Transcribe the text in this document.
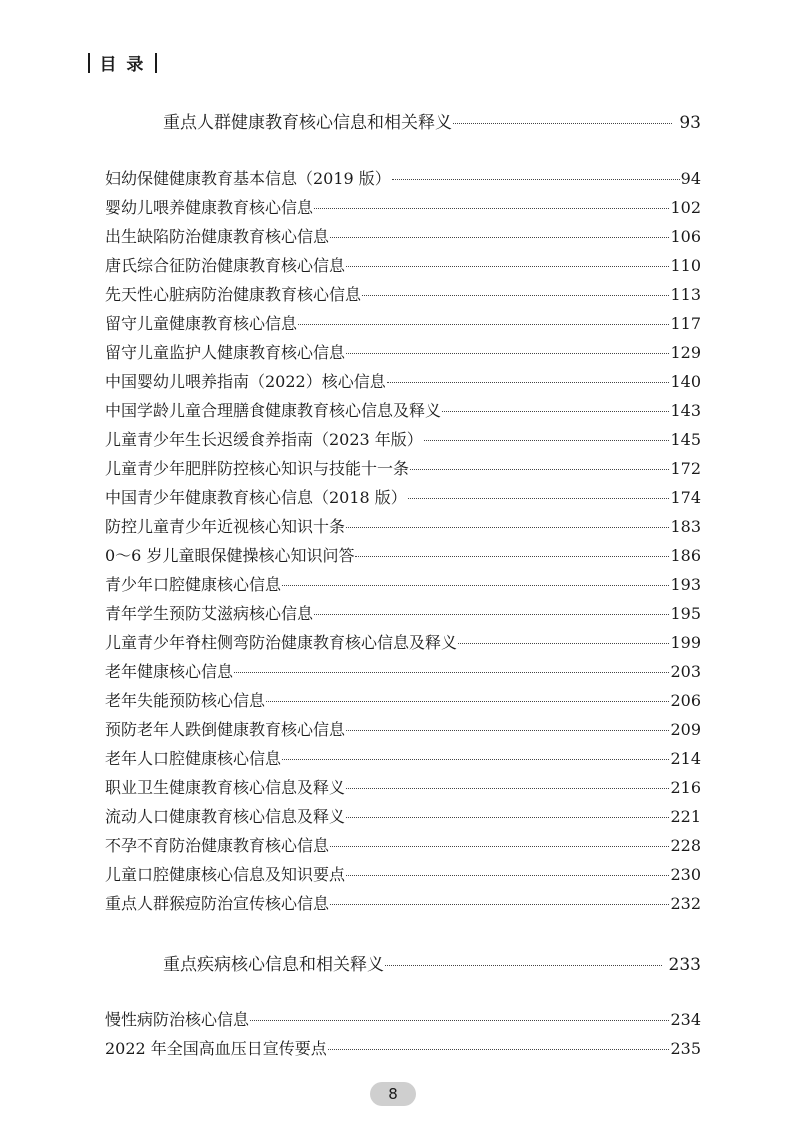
目 录
重点人群健康教育核心信息和相关释义	93
妇幼保健健康教育基本信息（2019 版）	94
婴幼儿喂养健康教育核心信息	102
出生缺陷防治健康教育核心信息	106
唐氏综合征防治健康教育核心信息	110
先天性心脏病防治健康教育核心信息	113
留守儿童健康教育核心信息	117
留守儿童监护人健康教育核心信息	129
中国婴幼儿喂养指南（2022）核心信息	140
中国学龄儿童合理膳食健康教育核心信息及释义	143
儿童青少年生长迟缓食养指南（2023 年版）	145
儿童青少年肥胖防控核心知识与技能十一条	172
中国青少年健康教育核心信息（2018 版）	174
防控儿童青少年近视核心知识十条	183
0～6 岁儿童眼保健操核心知识问答	186
青少年口腔健康核心信息	193
青年学生预防艾滋病核心信息	195
儿童青少年脊柱侧弯防治健康教育核心信息及释义	199
老年健康核心信息	203
老年失能预防核心信息	206
预防老年人跌倒健康教育核心信息	209
老年人口腔健康核心信息	214
职业卫生健康教育核心信息及释义	216
流动人口健康教育核心信息及释义	221
不孕不育防治健康教育核心信息	228
儿童口腔健康核心信息及知识要点	230
重点人群猴痘防治宣传核心信息	232
重点疾病核心信息和相关释义	233
慢性病防治核心信息	234
2022 年全国高血压日宣传要点	235
8
